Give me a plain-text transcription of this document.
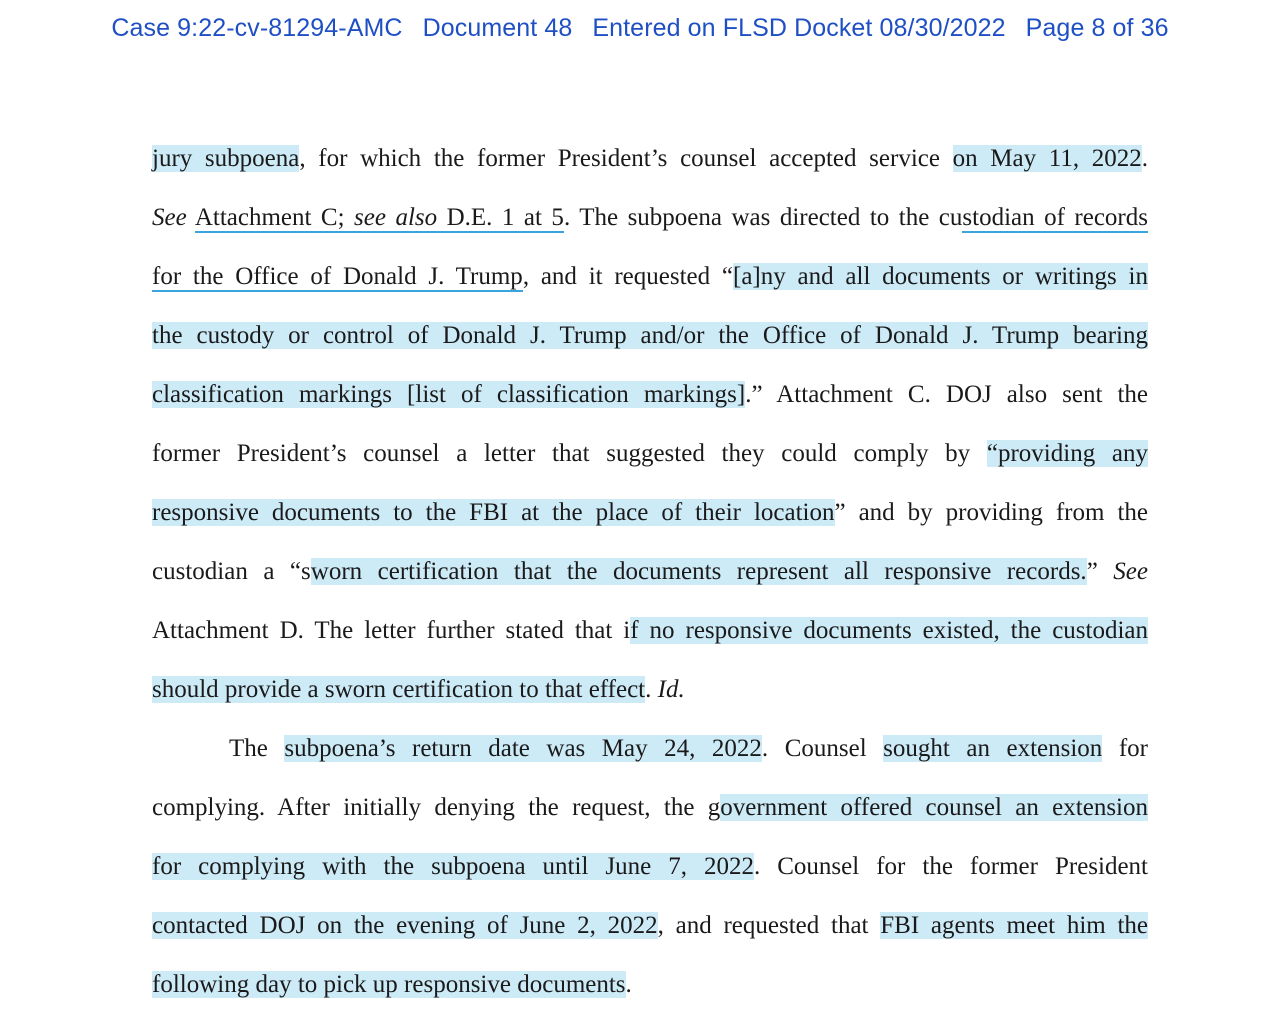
Case 9:22-cv-81294-AMC Document 48 Entered on FLSD Docket 08/30/2022 Page 8 of 36
jury subpoena, for which the former President’s counsel accepted service on May 11, 2022.
See Attachment C; see also D.E. 1 at 5. The subpoena was directed to the custodian of records
for the Office of Donald J. Trump, and it requested “[a]ny and all documents or writings in
the custody or control of Donald J. Trump and/or the Office of Donald J. Trump bearing
classification markings [list of classification markings].” Attachment C. DOJ also sent the
former President’s counsel a letter that suggested they could comply by “providing any
responsive documents to the FBI at the place of their location” and by providing from the
custodian a “sworn certification that the documents represent all responsive records.” See
Attachment D. The letter further stated that if no responsive documents existed, the custodian
should provide a sworn certification to that effect. Id.
The subpoena’s return date was May 24, 2022. Counsel sought an extension for
complying. After initially denying the request, the government offered counsel an extension
for complying with the subpoena until June 7, 2022. Counsel for the former President
contacted DOJ on the evening of June 2, 2022, and requested that FBI agents meet him the
following day to pick up responsive documents.
